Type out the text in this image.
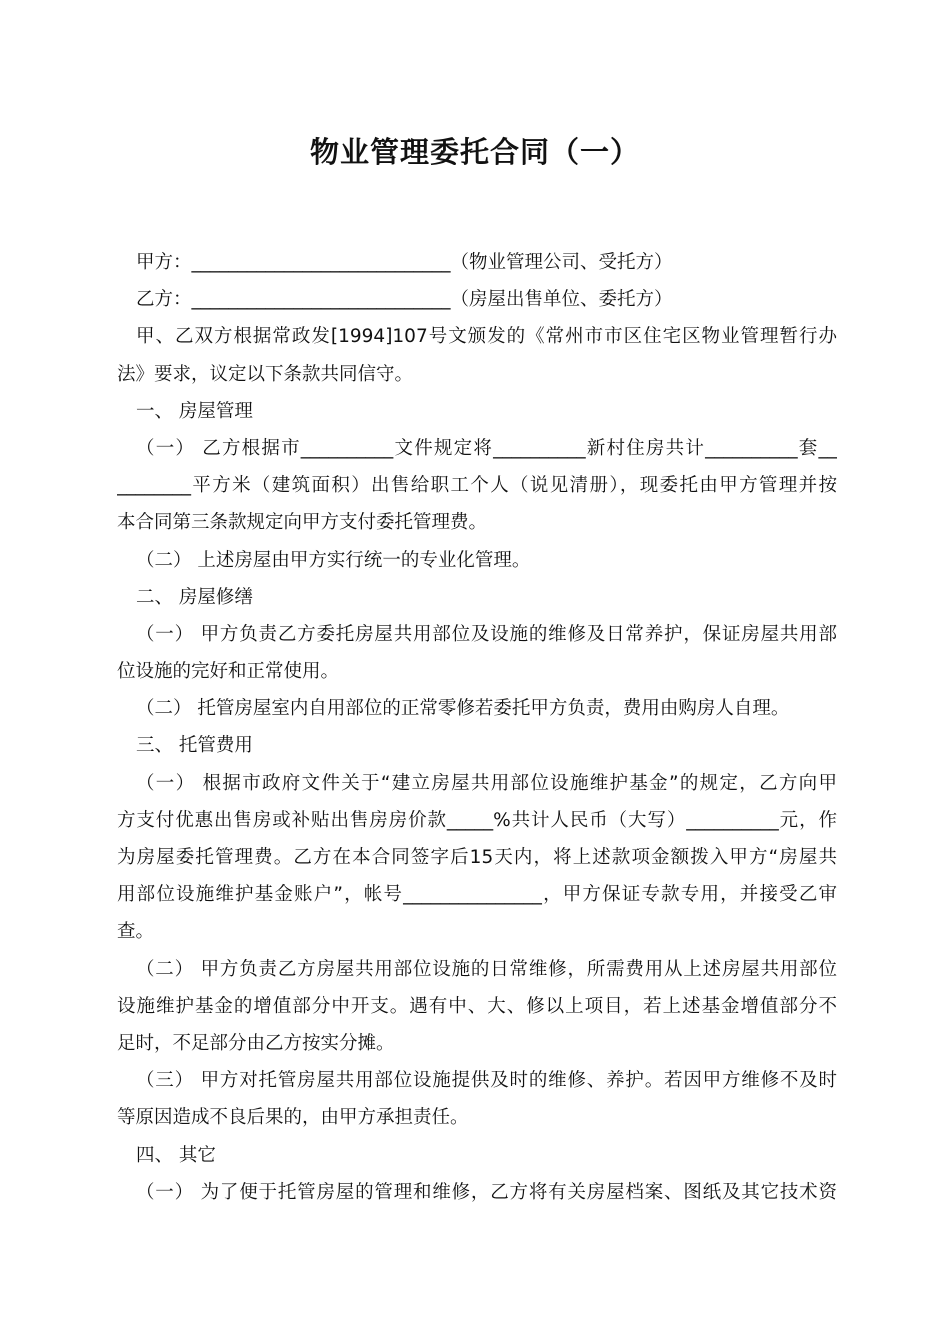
物业管理委托合同（一）
甲方：____________________________（物业管理公司、受托方）
乙方：____________________________（房屋出售单位、委托方）
甲、乙双方根据常政发[1994]107号文颁发的《常州市市区住宅区物业管理暂行办
法》要求，议定以下条款共同信守。
一、 房屋管理
（一） 乙方根据市__________文件规定将__________新村住房共计__________套__
________平方米（建筑面积）出售给职工个人（说见清册），现委托由甲方管理并按
本合同第三条款规定向甲方支付委托管理费。
（二） 上述房屋由甲方实行统一的专业化管理。
二、 房屋修缮
（一） 甲方负责乙方委托房屋共用部位及设施的维修及日常养护，保证房屋共用部
位设施的完好和正常使用。
（二） 托管房屋室内自用部位的正常零修若委托甲方负责，费用由购房人自理。
三、 托管费用
（一） 根据市政府文件关于“建立房屋共用部位设施维护基金”的规定，乙方向甲
方支付优惠出售房或补贴出售房房价款_____%共计人民币（大写）__________元，作
为房屋委托管理费。乙方在本合同签字后15天内，将上述款项金额拨入甲方“房屋共
用部位设施维护基金账户”，帐号_______________，甲方保证专款专用，并接受乙审
查。
（二） 甲方负责乙方房屋共用部位设施的日常维修，所需费用从上述房屋共用部位
设施维护基金的增值部分中开支。遇有中、大、修以上项目，若上述基金增值部分不
足时，不足部分由乙方按实分摊。
（三） 甲方对托管房屋共用部位设施提供及时的维修、养护。若因甲方维修不及时
等原因造成不良后果的，由甲方承担责任。
四、 其它
（一） 为了便于托管房屋的管理和维修，乙方将有关房屋档案、图纸及其它技术资
